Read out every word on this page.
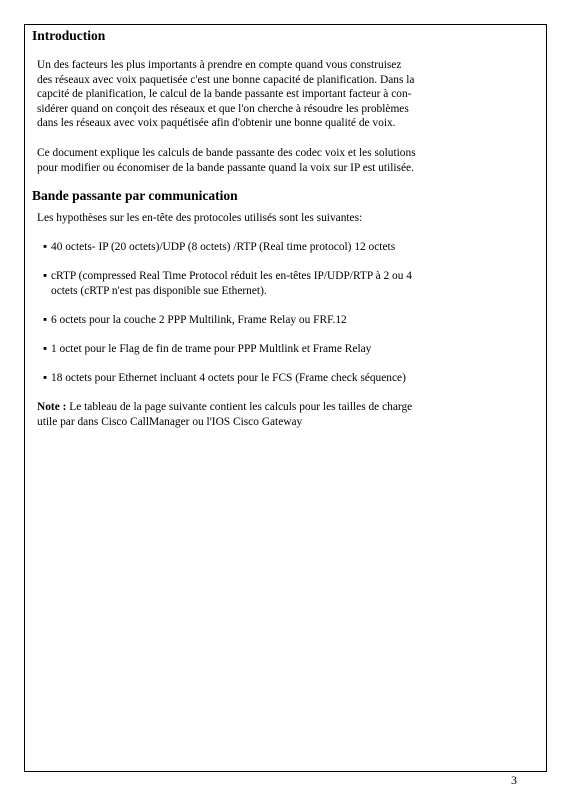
Introduction
Un des facteurs les plus importants à prendre en compte quand vous construisez
des réseaux avec voix paquetisée c'est une bonne capacité de planification. Dans la
capcité de planification, le calcul de la bande passante est important facteur à con-
sidérer quand on conçoit des réseaux et que l'on cherche à résoudre les problèmes
dans les réseaux avec voix paquétisée afin d'obtenir une bonne qualité de voix.
Ce document explique les calculs de bande passante des codec voix et les solutions
pour modifier ou économiser de la bande passante quand la voix sur IP est utilisée.
Bande passante par communication
Les hypothèses sur les en-tête des protocoles utilisés sont les suivantes:
▪ 40 octets- IP (20 octets)/UDP (8 octets) /RTP (Real time protocol) 12 octets
▪ cRTP (compressed Real Time Protocol réduit les en-têtes IP/UDP/RTP à 2 ou 4
octets (cRTP n'est pas disponible sue Ethernet).
▪ 6 octets pour la couche 2 PPP Multilink, Frame Relay ou FRF.12
▪ 1 octet pour le Flag de fin de trame pour PPP Multlink et Frame Relay
▪ 18 octets pour Ethernet incluant 4 octets pour le FCS (Frame check séquence)
Note : Le tableau de la page suivante contient les calculs pour les tailles de charge
utile par dans Cisco CallManager ou l'IOS Cisco Gateway
3
